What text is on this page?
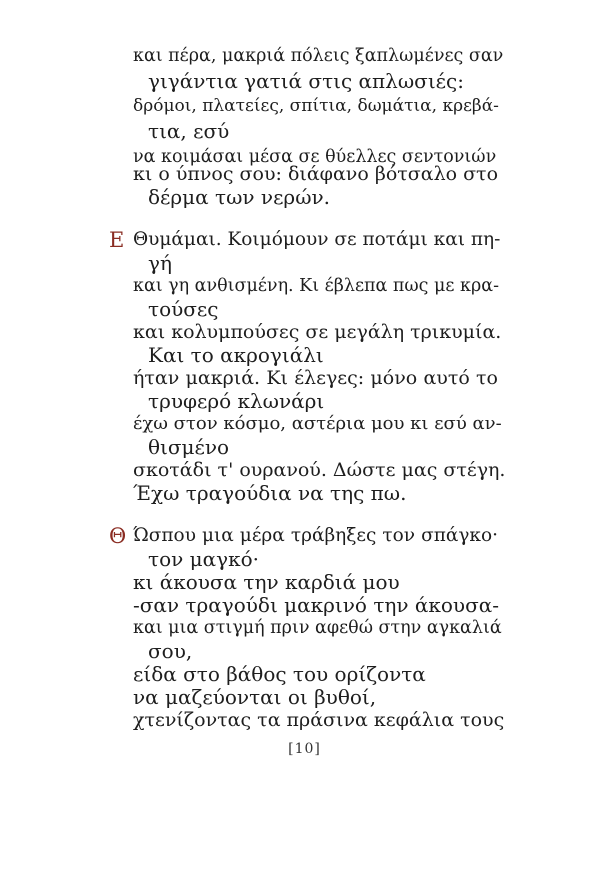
και πέρα, μακριά πόλεις ξαπλωμένες σαν
γιγάντια γατιά στις απλωσιές:
δρόμοι, πλατείες, σπίτια, δωμάτια, κρεβά-
τια, εσύ
να κοιμάσαι μέσα σε θύελλες σεντονιών
κι ο ύπνος σου: διάφανο βότσαλο στο
δέρμα των νερών.
Ε Θυμάμαι. Κοιμόμουν σε ποτάμι και πη-
γή
και γη ανθισμένη. Κι έβλεπα πως με κρα-
τούσες
και κολυμπούσες σε μεγάλη τρικυμία.
Και το ακρογιάλι
ήταν μακριά. Κι έλεγες: μόνο αυτό το
τρυφερό κλωνάρι
έχω στον κόσμο, αστέρια μου κι εσύ αν-
θισμένο
σκοτάδι τ' ουρανού. Δώστε μας στέγη.
Έχω τραγούδια να της πω.
Θ Ώσπου μια μέρα τράβηξες τον σπάγκο·
τον μαγκό·
κι άκουσα την καρδιά μου
-σαν τραγούδι μακρινό την άκουσα-
και μια στιγμή πριν αφεθώ στην αγκαλιά
σου,
είδα στο βάθος του ορίζοντα
να μαζεύονται οι βυθοί,
χτενίζοντας τα πράσινα κεφάλια τους
[10]
